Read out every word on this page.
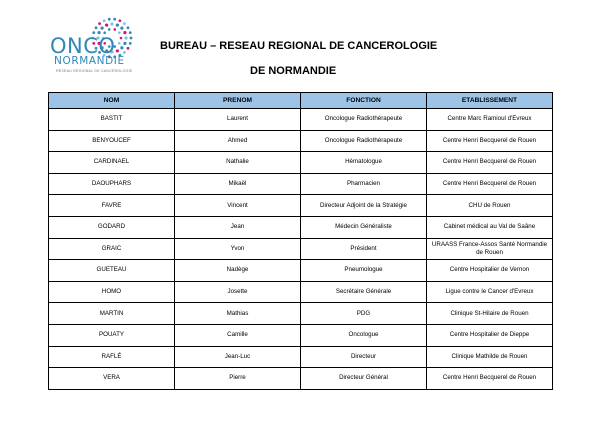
ONCO
NORMANDIE
RÉSEAU RÉGIONAL DE CANCÉROLOGIE
BUREAU – RESEAU REGIONAL DE CANCEROLOGIE
DE NORMANDIE
NOM	PRENOM	FONCTION	ETABLISSEMENT
BASTIT	Laurent	Oncologue Radiothérapeute	Centre Marc Ramioul d'Evreux
BENYOUCEF	Ahmed	Oncologue Radiothérapeute	Centre Henri Becquerel de Rouen
CARDINAEL	Nathalie	Hématologue	Centre Henri Becquerel de Rouen
DAOUPHARS	Mikaël	Pharmacien	Centre Henri Becquerel de Rouen
FAVRE	Vincent	Directeur Adjoint de la Stratégie	CHU de Rouen
GODARD	Jean	Médecin Généraliste	Cabinet médical au Val de Saâne
GRAIC	Yvon	Président	URAASS France-Assos Santé Normandie de Rouen
GUETEAU	Nadège	Pneumologue	Centre Hospitalier de Vernon
HOMO	Josette	Secrétaire Générale	Ligue contre le Cancer d'Evreux
MARTIN	Mathias	PDG	Clinique St-Hilaire de Rouen
POUATY	Camille	Oncologue	Centre Hospitalier de Dieppe
RAFLÉ	Jean-Luc	Directeur	Clinique Mathilde de Rouen
VERA	Pierre	Directeur Général	Centre Henri Becquerel de Rouen
